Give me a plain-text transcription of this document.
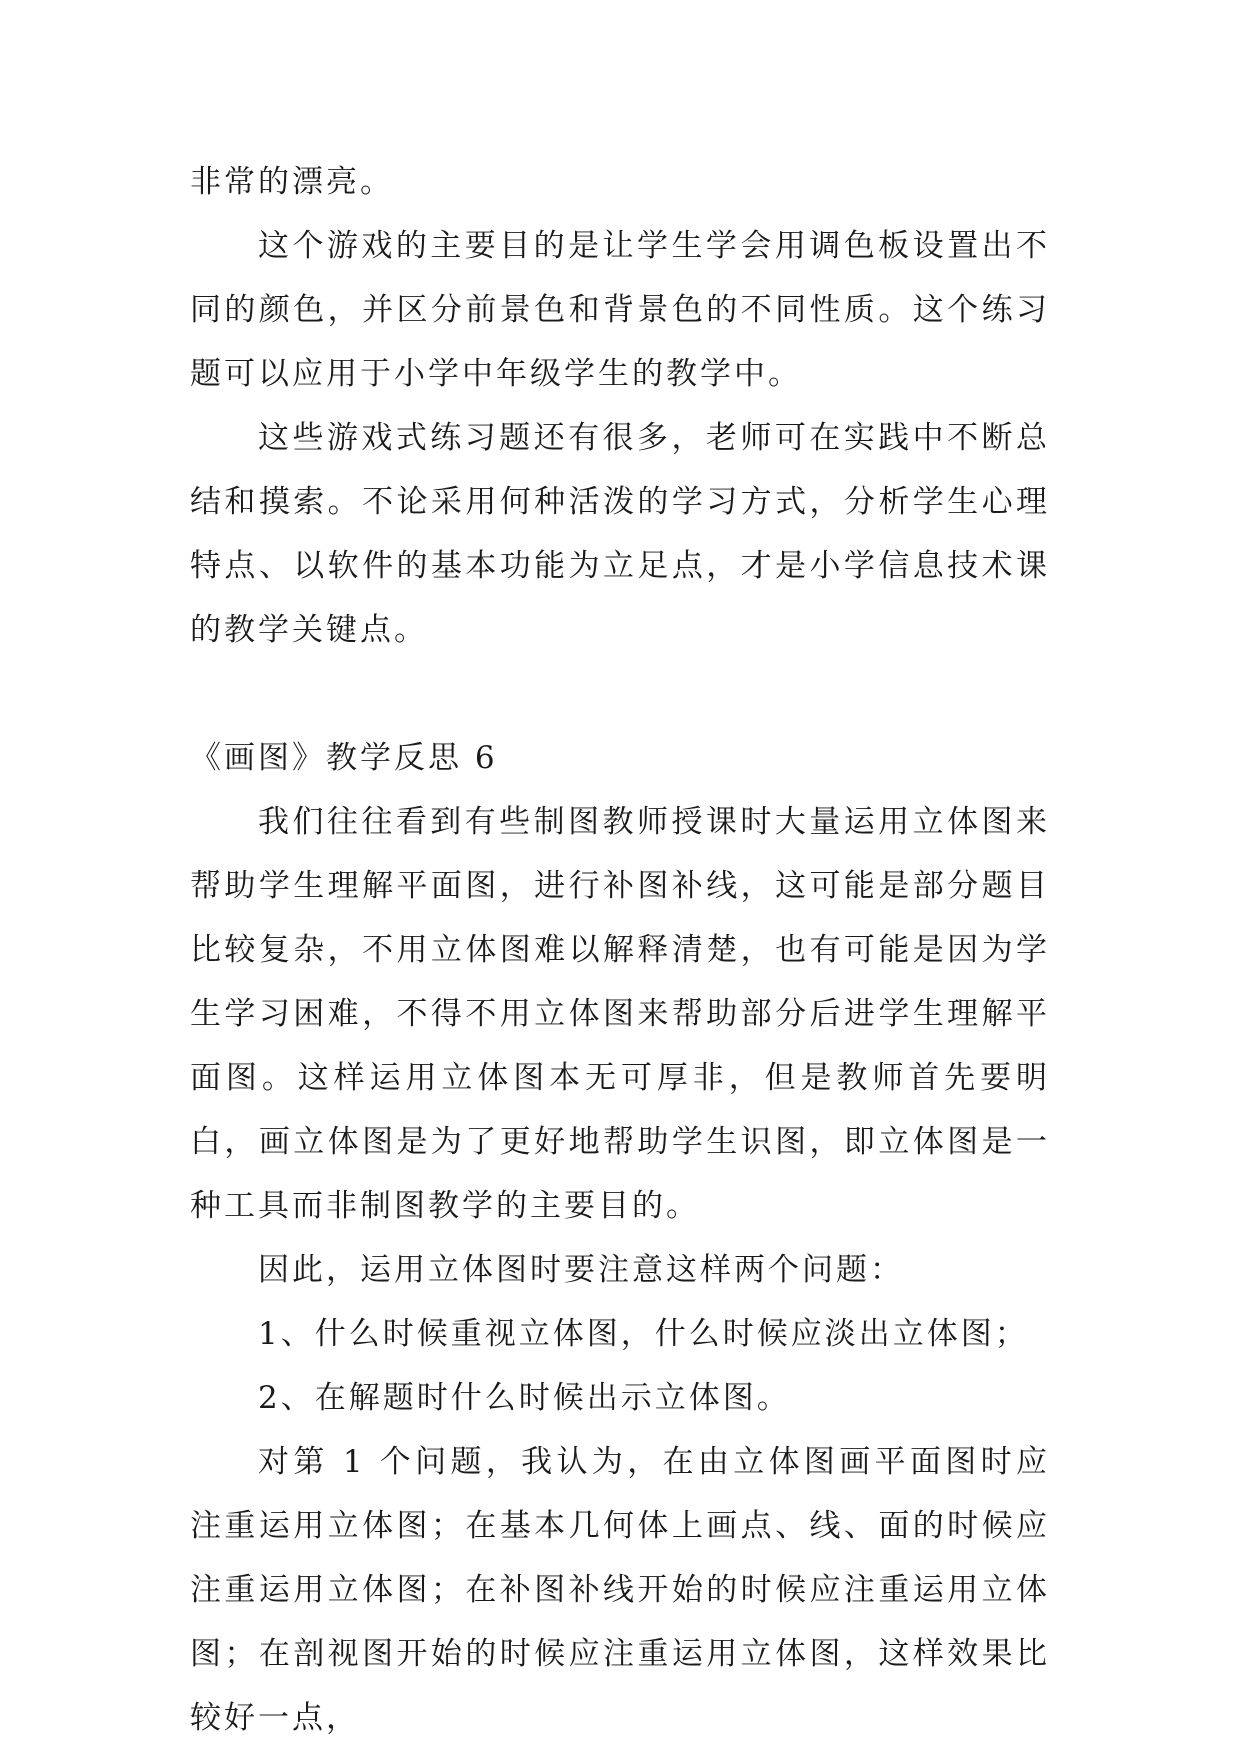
非常的漂亮。

这个游戏的主要目的是让学生学会用调色板设置出不同的颜色，并区分前景色和背景色的不同性质。这个练习题可以应用于小学中年级学生的教学中。

这些游戏式练习题还有很多，老师可在实践中不断总结和摸索。不论采用何种活泼的学习方式，分析学生心理特点、以软件的基本功能为立足点，才是小学信息技术课的教学关键点。

《画图》教学反思 6

我们往往看到有些制图教师授课时大量运用立体图来帮助学生理解平面图，进行补图补线，这可能是部分题目比较复杂，不用立体图难以解释清楚，也有可能是因为学生学习困难，不得不用立体图来帮助部分后进学生理解平面图。这样运用立体图本无可厚非，但是教师首先要明白，画立体图是为了更好地帮助学生识图，即立体图是一种工具而非制图教学的主要目的。

因此，运用立体图时要注意这样两个问题：

1、什么时候重视立体图，什么时候应淡出立体图；

2、在解题时什么时候出示立体图。

对第 1 个问题，我认为，在由立体图画平面图时应注重运用立体图；在基本几何体上画点、线、面的时候应注重运用立体图；在补图补线开始的时候应注重运用立体图；在剖视图开始的时候应注重运用立体图，这样效果比较好一点，
